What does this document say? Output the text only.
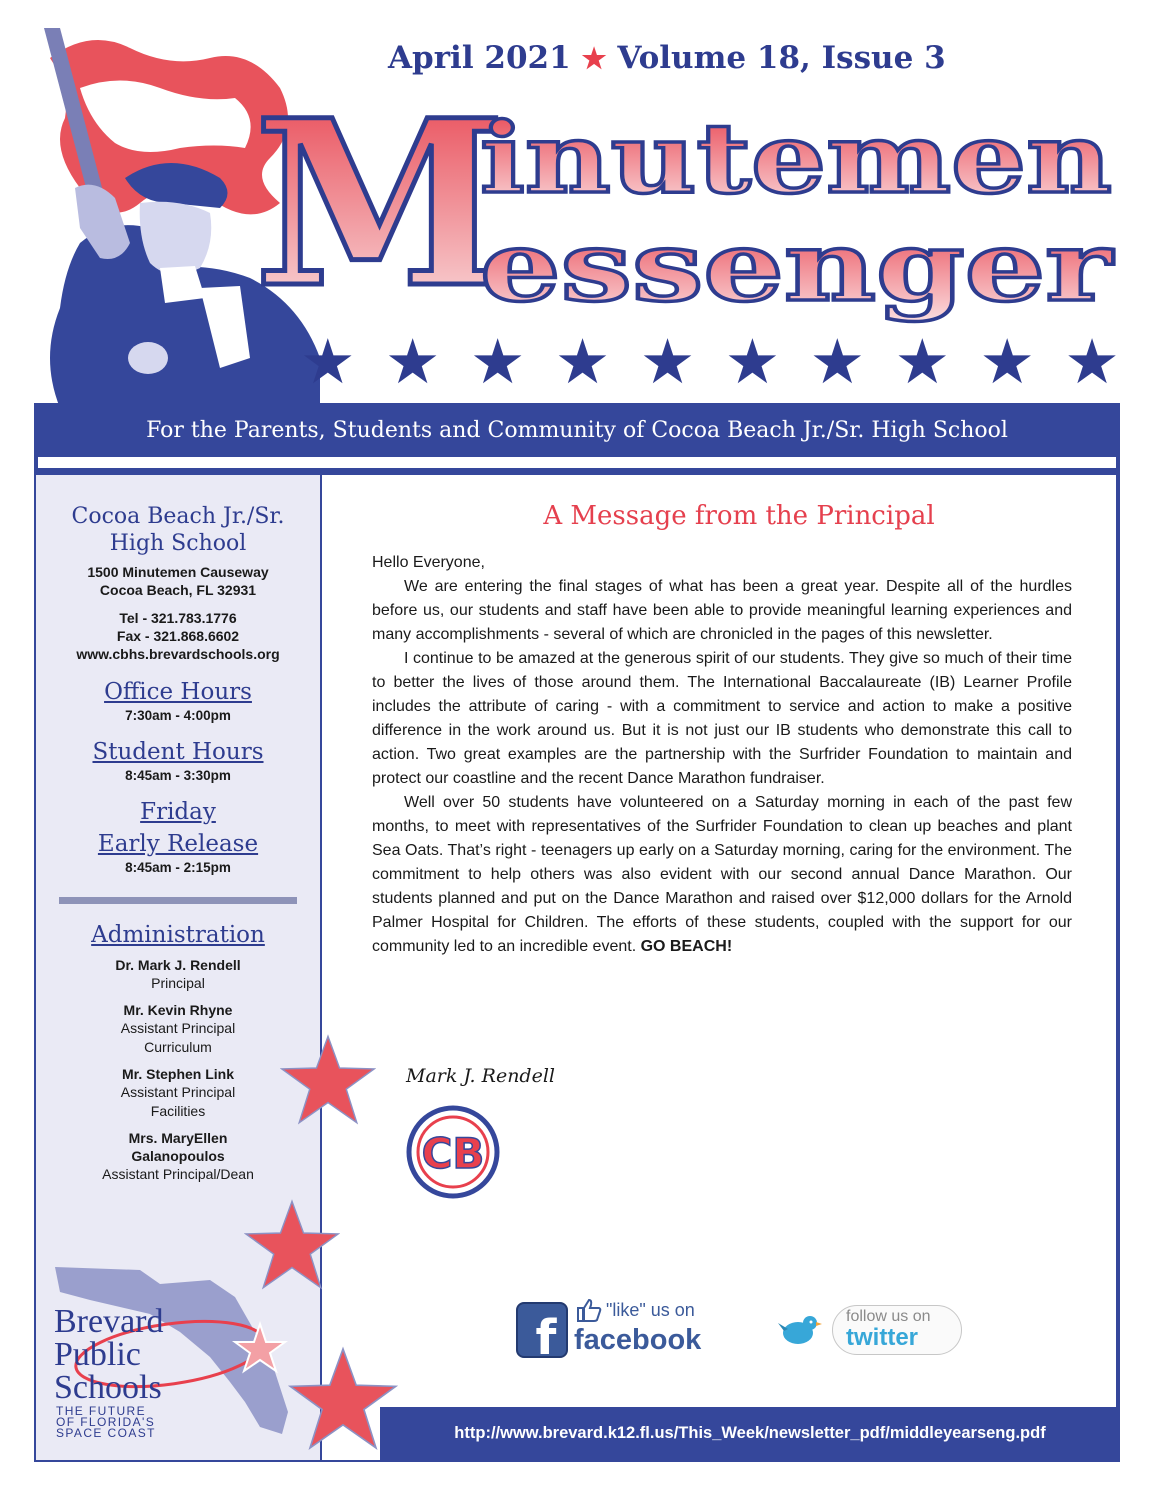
April 2021 ★ Volume 18, Issue 3
M
inutemen
essenger
★ ★ ★ ★ ★ ★ ★ ★ ★ ★
For the Parents, Students and Community of Cocoa Beach Jr./Sr. High School
Cocoa Beach Jr./Sr. High School
1500 Minutemen Causeway
Cocoa Beach, FL 32931
Tel - 321.783.1776
Fax - 321.868.6602
www.cbhs.brevardschools.org
Office Hours
7:30am - 4:00pm
Student Hours
8:45am - 3:30pm
Friday
Early Release
8:45am - 2:15pm
Administration
Dr. Mark J. Rendell
Principal
Mr. Kevin Rhyne
Assistant Principal Curriculum
Mr. Stephen Link
Assistant Principal Facilities
Mrs. MaryEllen Galanopoulos
Assistant Principal/Dean
Brevard
Public
Schools
THE FUTURE
OF FLORIDA'S
SPACE COAST
A Message from the Principal

Hello Everyone,

We are entering the final stages of what has been a great year. Despite all of the hurdles before us, our students and staff have been able to provide meaningful learning experiences and many accomplishments - several of which are chronicled in the pages of this newsletter.

I continue to be amazed at the generous spirit of our students. They give so much of their time to better the lives of those around them. The International Baccalaureate (IB) Learner Profile includes the attribute of caring - with a commitment to service and action to make a positive difference in the work around us. But it is not just our IB students who demonstrate this call to action. Two great examples are the partnership with the Surfrider Foundation to maintain and protect our coastline and the recent Dance Marathon fundraiser.

Well over 50 students have volunteered on a Saturday morning in each of the past few months, to meet with representatives of the Surfrider Foundation to clean up beaches and plant Sea Oats. That’s right - teenagers up early on a Saturday morning, caring for the environment. The commitment to help others was also evident with our second annual Dance Marathon. Our students planned and put on the Dance Marathon and raised over $12,000 dollars for the Arnold Palmer Hospital for Children. The efforts of these students, coupled with the support for our community led to an incredible event. GO BEACH!

Mark J. Rendell
CB
f	"like" us on
facebook
follow us on
twitter
http://www.brevard.k12.fl.us/This_Week/newsletter_pdf/middleyearseng.pdf
